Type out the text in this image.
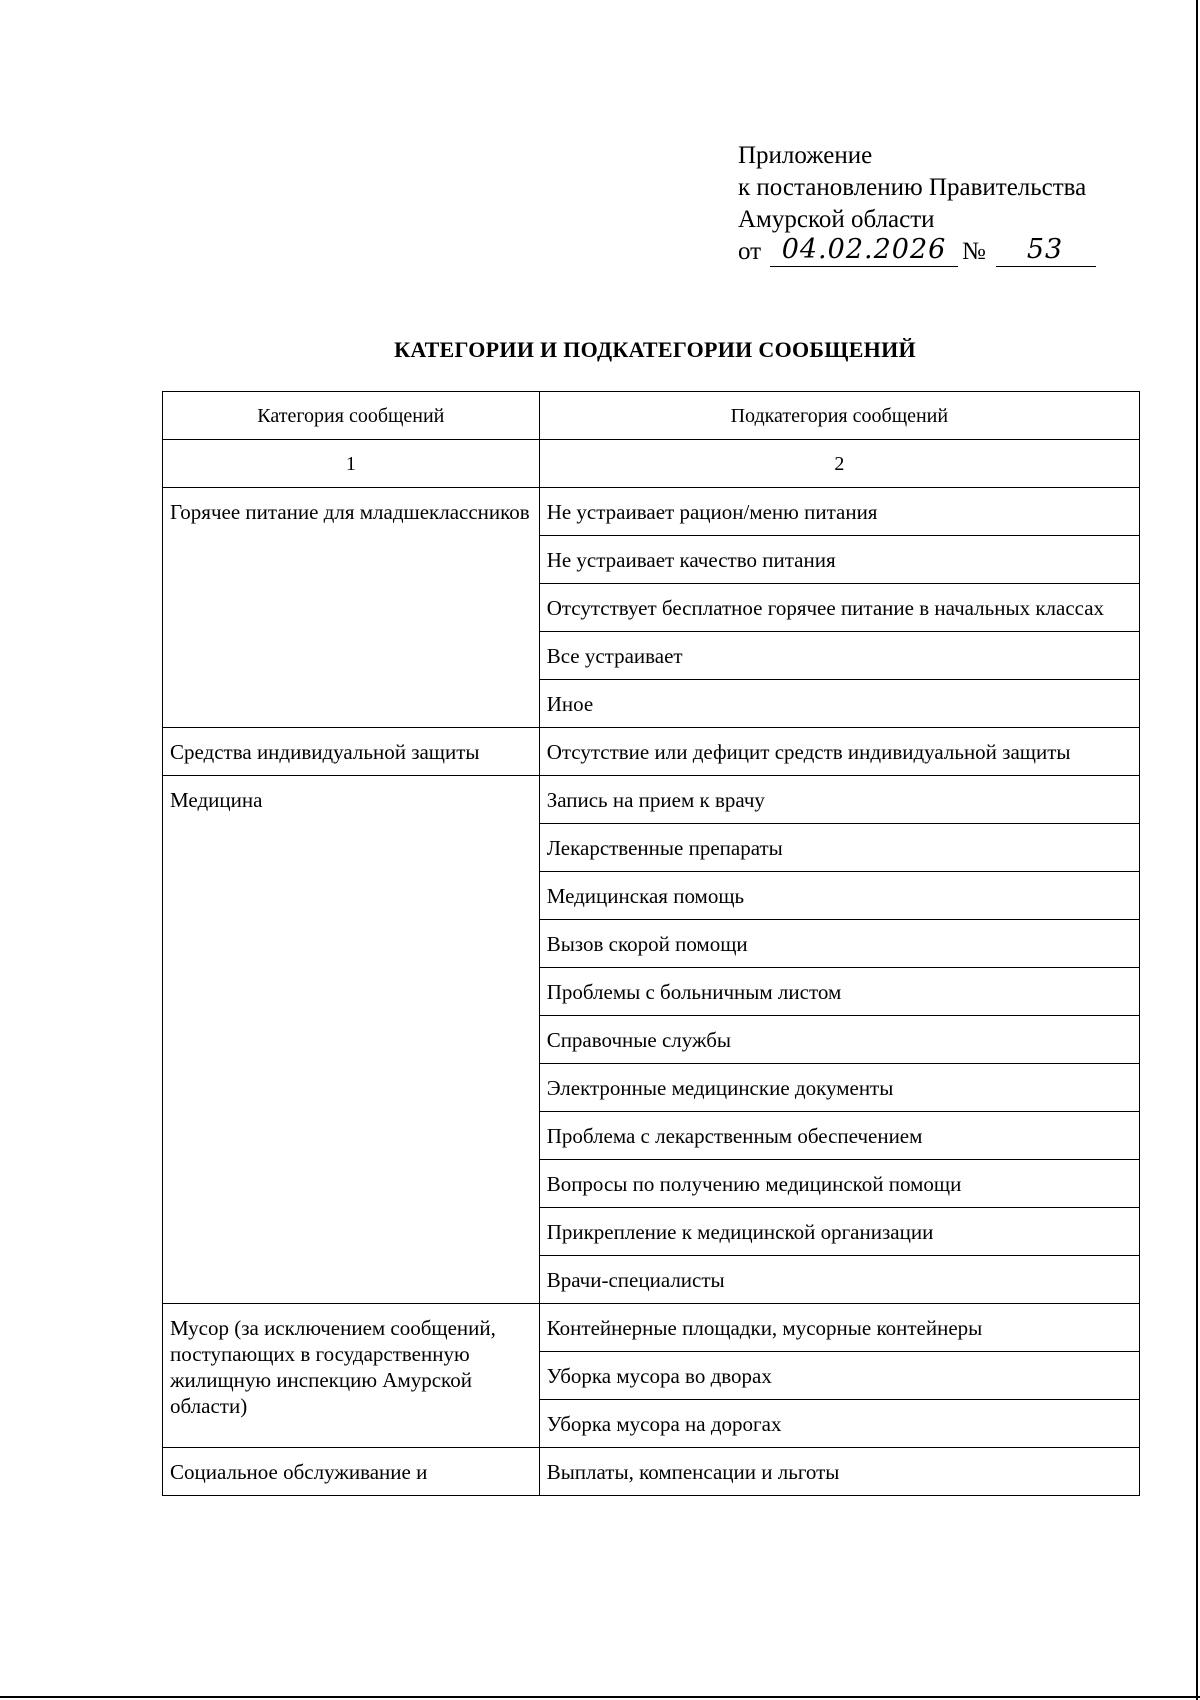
Приложение
к постановлению Правительства
Амурской области
от 04.02.2026 №	53
КАТЕГОРИИ И ПОДКАТЕГОРИИ СООБЩЕНИЙ
Категория сообщений	Подкатегория сообщений
1	2
Горячее питание для младшеклассников	Не устраивает рацион/меню питания
	Не устраивает качество питания
	Отсутствует бесплатное горячее питание в начальных классах
	Все устраивает
	Иное
Средства индивидуальной защиты	Отсутствие или дефицит средств индивидуальной защиты
Медицина	Запись на прием к врачу
	Лекарственные препараты
	Медицинская помощь
	Вызов скорой помощи
	Проблемы с больничным листом
	Справочные службы
	Электронные медицинские документы
	Проблема с лекарственным обеспечением
	Вопросы по получению медицинской помощи
	Прикрепление к медицинской организации
	Врачи-специалисты
Мусор (за исключением сообщений, поступающих в государственную жилищную инспекцию Амурской области)	Контейнерные площадки, мусорные контейнеры
	Уборка мусора во дворах
	Уборка мусора на дорогах
Социальное обслуживание и	Выплаты, компенсации и льготы
